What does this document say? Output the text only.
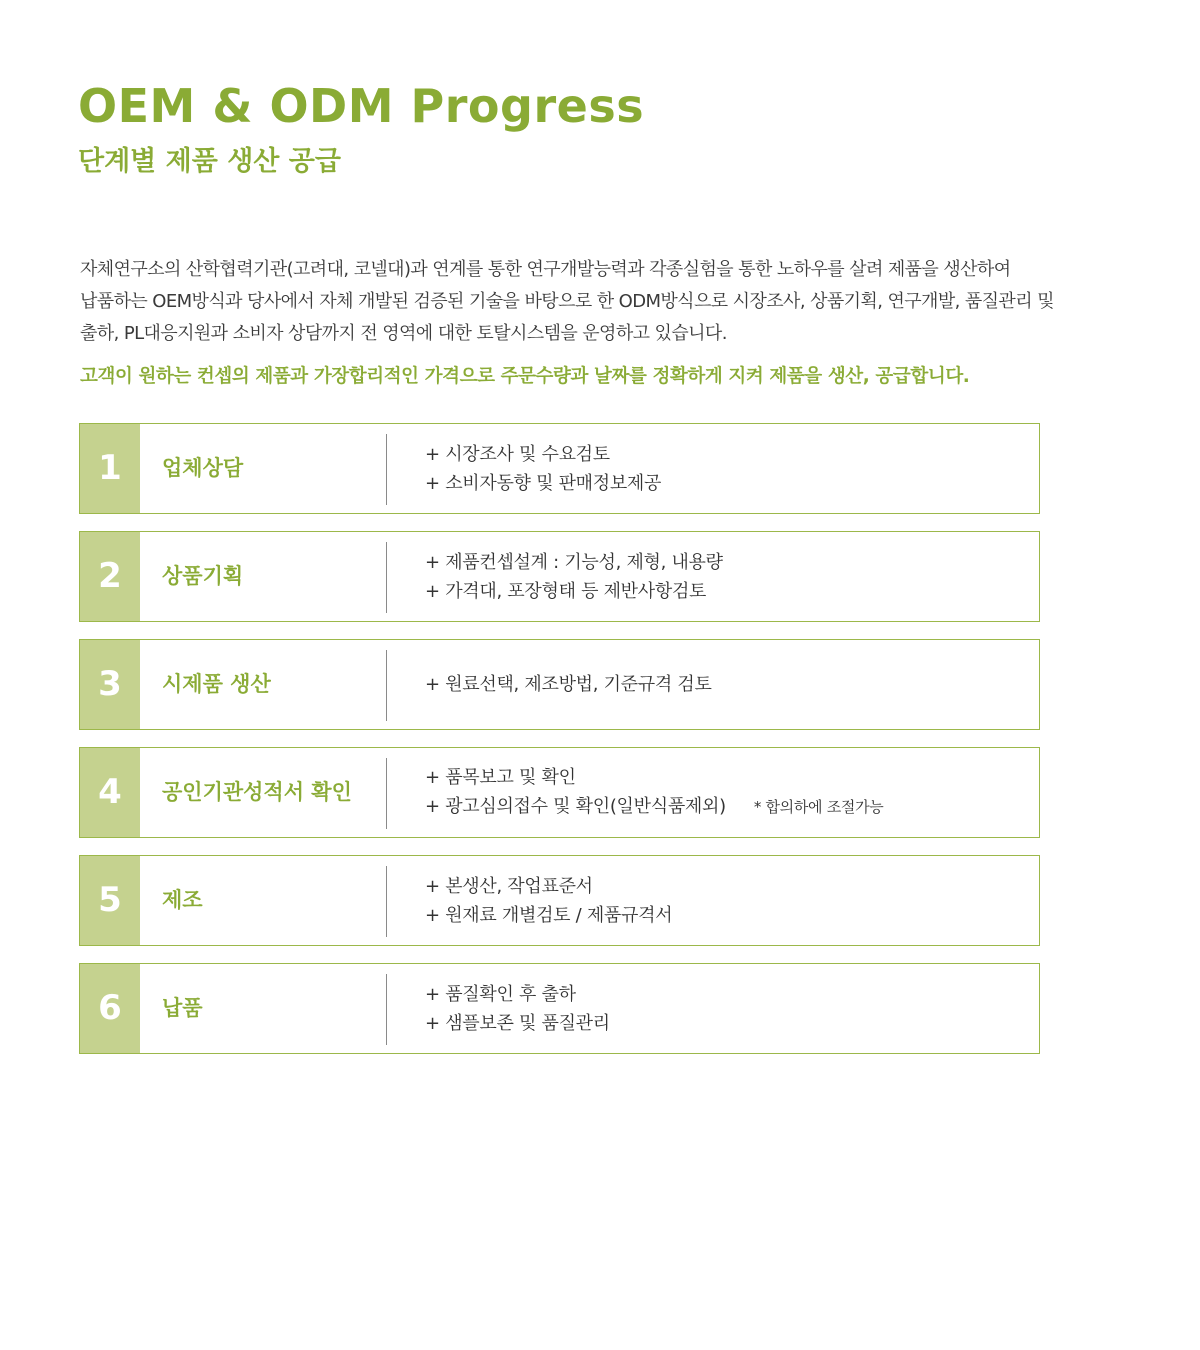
OEM & ODM Progress
단계별 제품 생산 공급
자체연구소의 산학협력기관(고려대, 코넬대)과 연계를 통한 연구개발능력과 각종실험을 통한 노하우를 살려 제품을 생산하여
납품하는 OEM방식과 당사에서 자체 개발된 검증된 기술을 바탕으로 한 ODM방식으로 시장조사, 상품기획, 연구개발, 품질관리 및
출하, PL대응지원과 소비자 상담까지 전 영역에 대한 토탈시스템을 운영하고 있습니다.
고객이 원하는 컨셉의 제품과 가장합리적인 가격으로 주문수량과 날짜를 정확하게 지켜 제품을 생산, 공급합니다.
1	업체상담
+ 시장조사 및 수요검토
+ 소비자동향 및 판매정보제공
2	상품기획
+ 제품컨셉설계 : 기능성, 제형, 내용량
+ 가격대, 포장형태 등 제반사항검토
3	시제품 생산	+ 원료선택, 제조방법, 기준규격 검토
4	공인기관성적서 확인
+ 품목보고 및 확인
+ 광고심의접수 및 확인(일반식품제외) * 합의하에 조절가능
5	제조
+ 본생산, 작업표준서
+ 원재료 개별검토 / 제품규격서
6	납품
+ 품질확인 후 출하
+ 샘플보존 및 품질관리
